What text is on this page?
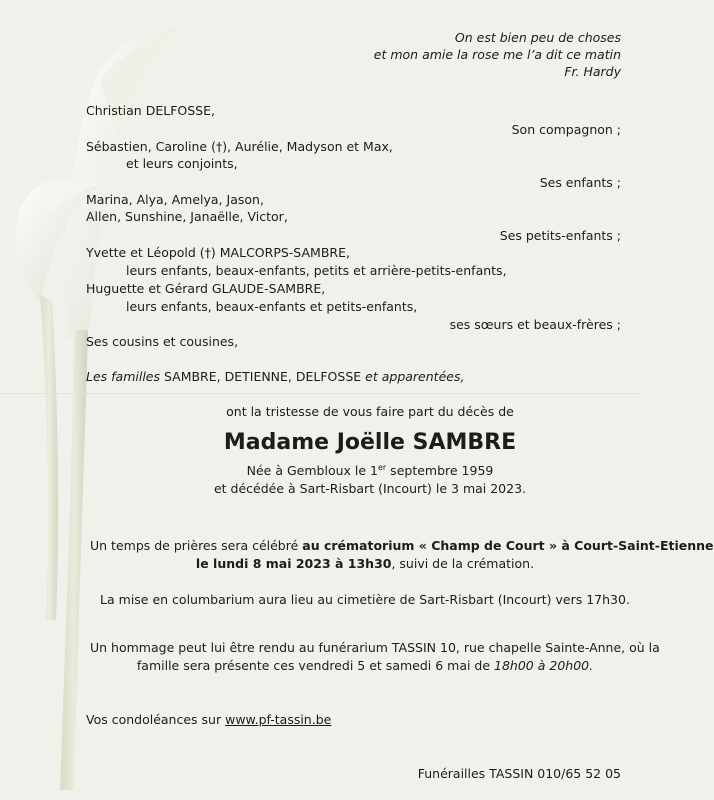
On est bien peu de choses
et mon amie la rose me l’a dit ce matin
Fr. Hardy
Christian DELFOSSE,
Son compagnon ;
Sébastien, Caroline (†), Aurélie, Madyson et Max,
et leurs conjoints,
Ses enfants ;
Marina, Alya, Amelya, Jason,
Allen, Sunshine, Janaëlle, Victor,
Ses petits-enfants ;
Yvette et Léopold (†) MALCORPS-SAMBRE,
leurs enfants, beaux-enfants, petits et arrière-petits-enfants,
Huguette et Gérard GLAUDE-SAMBRE,
leurs enfants, beaux-enfants et petits-enfants,
ses sœurs et beaux-frères ;
Ses cousins et cousines,
Les familles SAMBRE, DETIENNE, DELFOSSE et apparentées,
ont la tristesse de vous faire part du décès de
Madame Joëlle SAMBRE
Née à Gembloux le 1er septembre 1959
et décédée à Sart-Risbart (Incourt) le 3 mai 2023.
Un temps de prières sera célébré au crématorium « Champ de Court » à Court-Saint-Etienne
le lundi 8 mai 2023 à 13h30, suivi de la crémation.
La mise en columbarium aura lieu au cimetière de Sart-Risbart (Incourt) vers 17h30.
Un hommage peut lui être rendu au funérarium TASSIN 10, rue chapelle Sainte-Anne, où la
famille sera présente ces vendredi 5 et samedi 6 mai de 18h00 à 20h00.
Vos condoléances sur www.pf-tassin.be
Funérailles TASSIN 010/65 52 05
